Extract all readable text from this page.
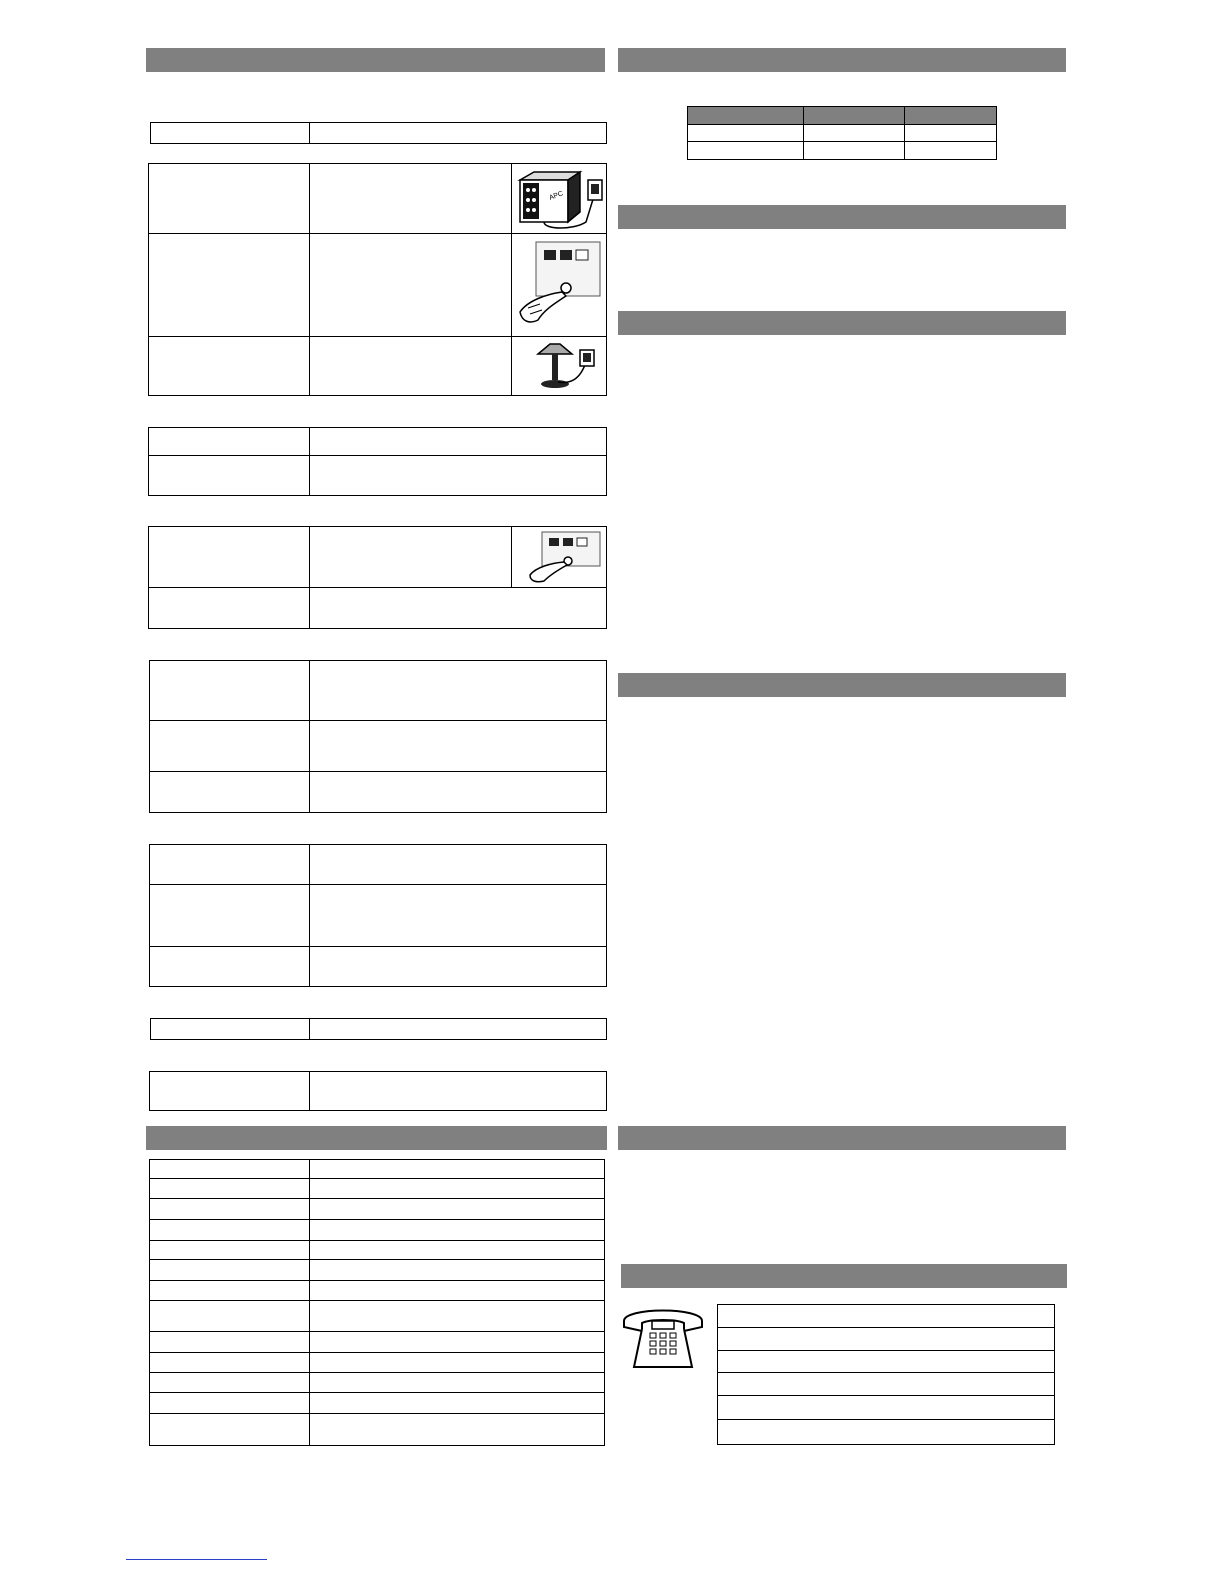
APC
